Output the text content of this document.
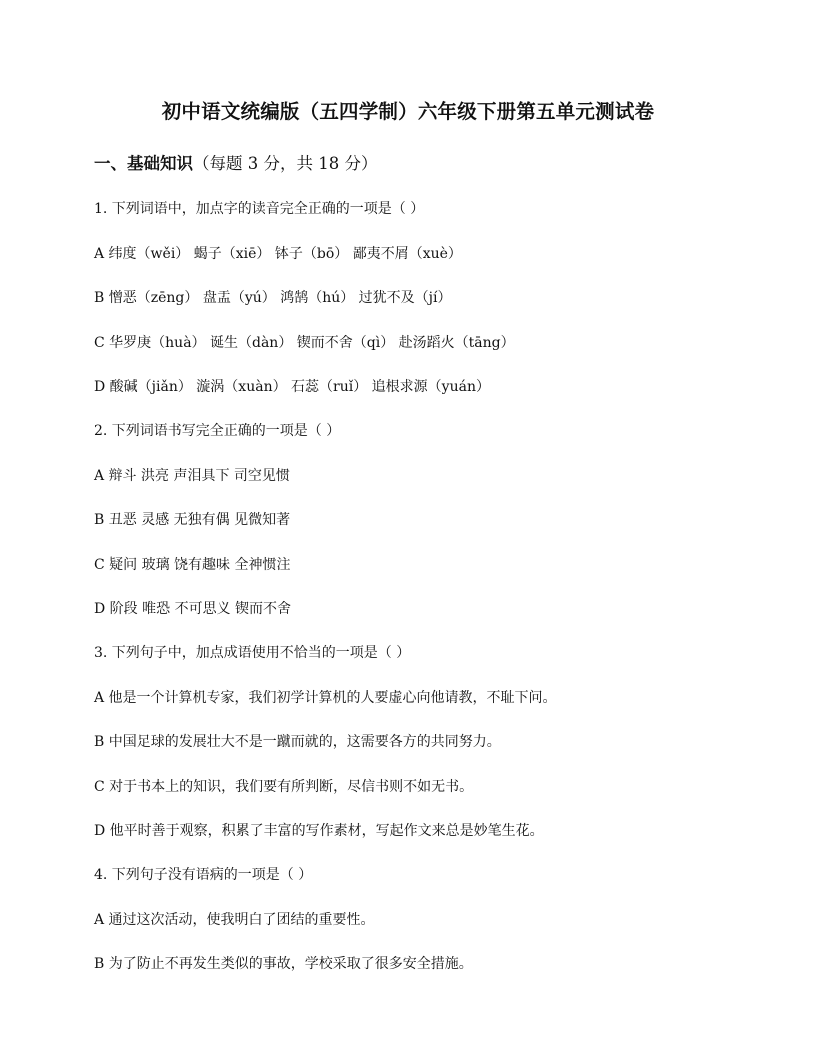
初中语文统编版（五四学制）六年级下册第五单元测试卷
一、基础知识（每题 3 分，共 18 分）
1. 下列词语中，加点字的读音完全正确的一项是（ ）
A 纬度（wěi） 蝎子（xiē） 钵子（bō） 鄙夷不屑（xuè）
B 憎恶（zēng） 盘盂（yú） 鸿鹄（hú） 过犹不及（jí）
C 华罗庚（huà） 诞生（dàn） 锲而不舍（qì） 赴汤蹈火（tāng）
D 酸碱（jiǎn） 漩涡（xuàn） 石蕊（ruǐ） 追根求源（yuán）
2. 下列词语书写完全正确的一项是（ ）
A 辩斗 洪亮 声泪具下 司空见惯
B 丑恶 灵感 无独有偶 见微知著
C 疑问 玻璃 饶有趣味 全神惯注
D 阶段 唯恐 不可思义 锲而不舍
3. 下列句子中，加点成语使用不恰当的一项是（ ）
A 他是一个计算机专家，我们初学计算机的人要虚心向他请教，不耻下问。
B 中国足球的发展壮大不是一蹴而就的，这需要各方的共同努力。
C 对于书本上的知识，我们要有所判断，尽信书则不如无书。
D 他平时善于观察，积累了丰富的写作素材，写起作文来总是妙笔生花。
4. 下列句子没有语病的一项是（ ）
A 通过这次活动，使我明白了团结的重要性。
B 为了防止不再发生类似的事故，学校采取了很多安全措施。
